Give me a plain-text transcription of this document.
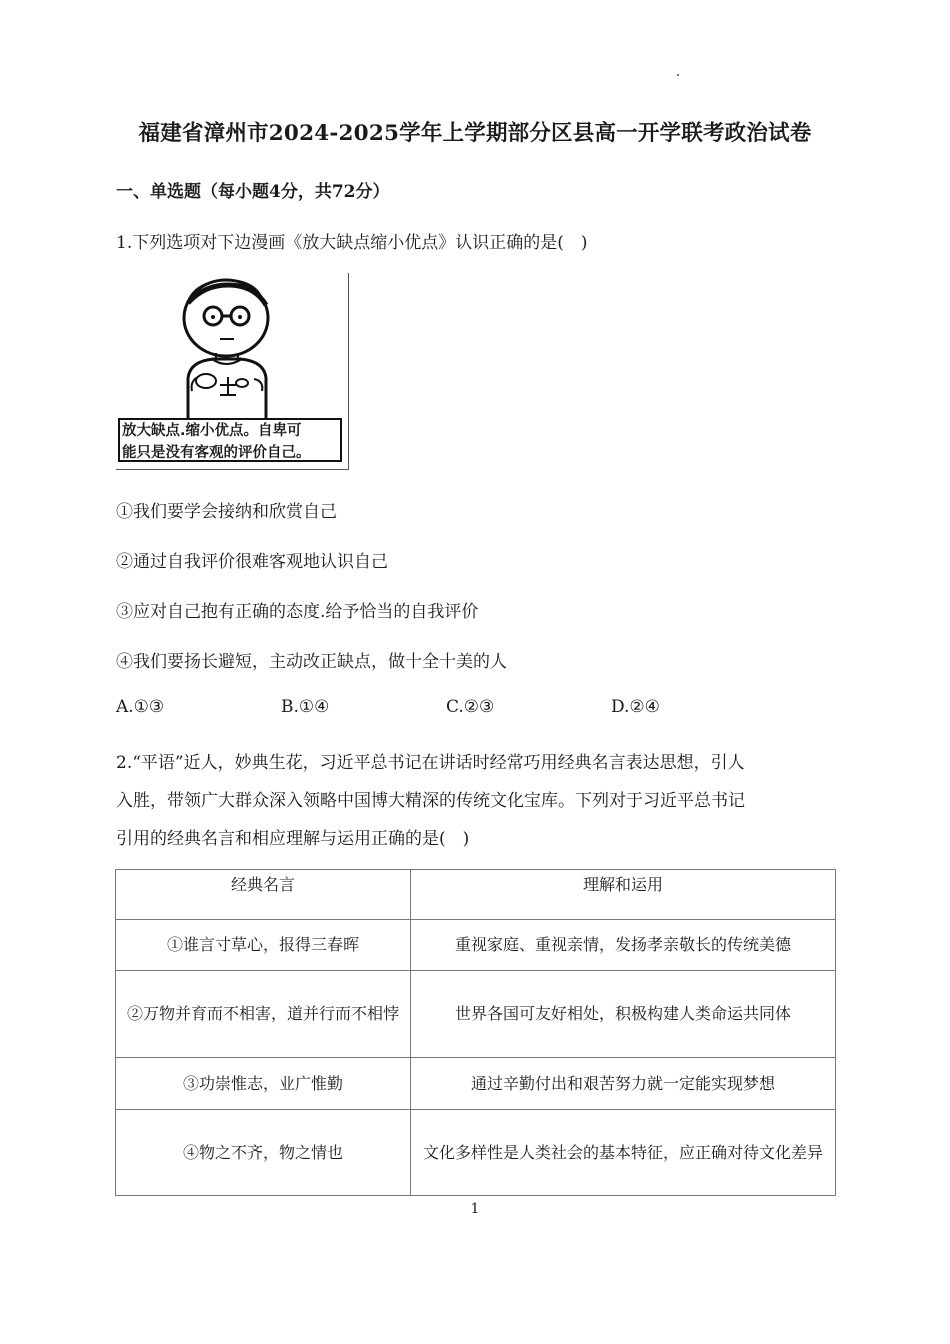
福建省漳州市2024-2025学年上学期部分区县高一开学联考政治试卷
一、单选题（每小题4分，共72分）
1.下列选项对下边漫画《放大缺点缩小优点》认识正确的是( )
放大缺点.缩小优点。自卑可
能只是没有客观的评价自己。
①我们要学会接纳和欣赏自己
②通过自我评价很难客观地认识自己
③应对自己抱有正确的态度.给予恰当的自我评价
④我们要扬长避短，主动改正缺点，做十全十美的人
A.①③	B.①④	C.②③	D.②④
2.“平语”近人，妙典生花，习近平总书记在讲话时经常巧用经典名言表达思想，引人
入胜，带领广大群众深入领略中国博大精深的传统文化宝库。下列对于习近平总书记
引用的经典名言和相应理解与运用正确的是( )
经典名言	理解和运用
①谁言寸草心，报得三春晖	重视家庭、重视亲情，发扬孝亲敬长的传统美德
②万物并育而不相害，道并行而不相悖	世界各国可友好相处，积极构建人类命运共同体
③功崇惟志，业广惟勤	通过辛勤付出和艰苦努力就一定能实现梦想
④物之不齐，物之情也	文化多样性是人类社会的基本特征，应正确对待文化差异
1
